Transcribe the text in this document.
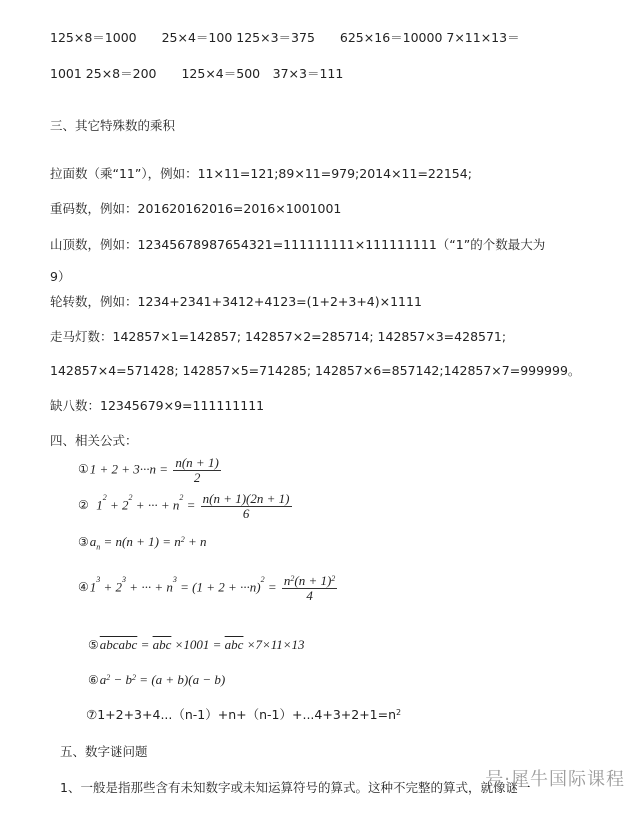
125×8＝1000　　25×4＝100 125×3＝375　　625×16＝10000 7×11×13＝
1001 25×8＝200　　125×4＝500　37×3＝111
三、其它特殊数的乘积
拉面数（乘“11”），例如：11×11=121;89×11=979;2014×11=22154;
重码数，例如：201620162016=2016×1001001
山顶数，例如：12345678987654321=111111111×111111111（“1”的个数最大为
9）
轮转数，例如：1234+2341+3412+4123=(1+2+3+4)×1111
走马灯数：142857×1=142857; 142857×2=285714; 142857×3=428571;
142857×4=571428; 142857×5=714285; 142857×6=857142;142857×7=999999。
缺八数：12345679×9=111111111
四、相关公式：
①1 + $2 + 3\cdot\cdot\cdot n = \frac{n(n + 1)}{2}$
② $1^2 + 2^2$ + ··· + $n^2 = \frac{n(n + 1)(2n + 1)}{6}$
$③a_n = n(n + 1) = n^2 + n$
$④1^3 + 2^3$ + ··· + $n^3 = (1 + 2 + \cdot\cdot\cdot n)^2 = \frac{n^2(n + 1)^2}{4}$
⑤abcabc = $\overline{abc} \times 1001 = \overline{abc} \times 7\times 11\times 13$
$⑥a^2 - b^2 = (a + b)(a - b)$
$⑦1+2+3+4...(n-1)+n+(n-1)+...4+3+2+1=n^2$
五、数字谜问题
1、一般是指那些含有未知数字或未知运算符号的算式。这种不完整的算式，就像谜一
号·犀牛国际课程
